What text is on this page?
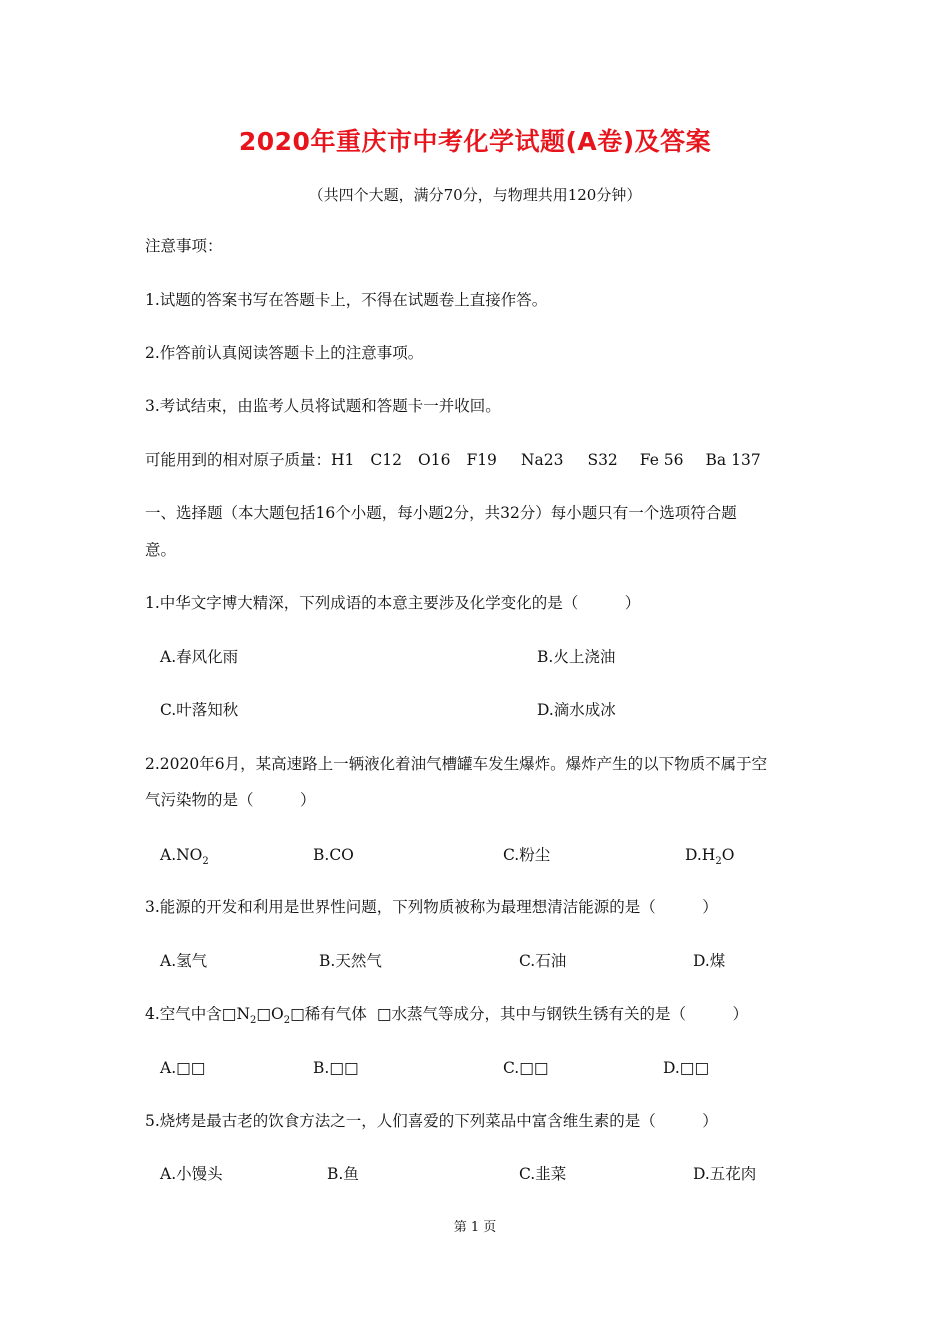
2020年重庆市中考化学试题(A卷)及答案
（共四个大题，满分70分，与物理共用120分钟）
注意事项：
1.试题的答案书写在答题卡上，不得在试题卷上直接作答。
2.作答前认真阅读答题卡上的注意事项。
3.考试结束，由监考人员将试题和答题卡一并收回。
可能用到的相对原子质量：H1 C12 O16 F19 Na23 S32 Fe 56 Ba 137
一、选择题（本大题包括16个小题，每小题2分，共32分）每小题只有一个选项符合题
意。
1.中华文字博大精深，下列成语的本意主要涉及化学变化的是（　　　）
A.春风化雨	B.火上浇油
C.叶落知秋	D.滴水成冰
2.2020年6月，某高速路上一辆液化着油气槽罐车发生爆炸。爆炸产生的以下物质不属于空
气污染物的是（　　　）
$A.NO_2$	B.CO	C.粉尘	$D.H_2O$
3.能源的开发和利用是世界性问题，下列物质被称为最理想清洁能源的是（　　　）
A.氢气	B.天然气	C.石油	D.煤
4.空气中含$□N_2□O_2□$稀有气体 □水蒸气等成分，其中与钢铁生锈有关的是（　　　）
A.□□	B.□□	C.□□	D.□□
5.烧烤是最古老的饮食方法之一，人们喜爱的下列菜品中富含维生素的是（　　　）
A.小馒头	B.鱼	C.韭菜	D.五花肉
第 1 页
